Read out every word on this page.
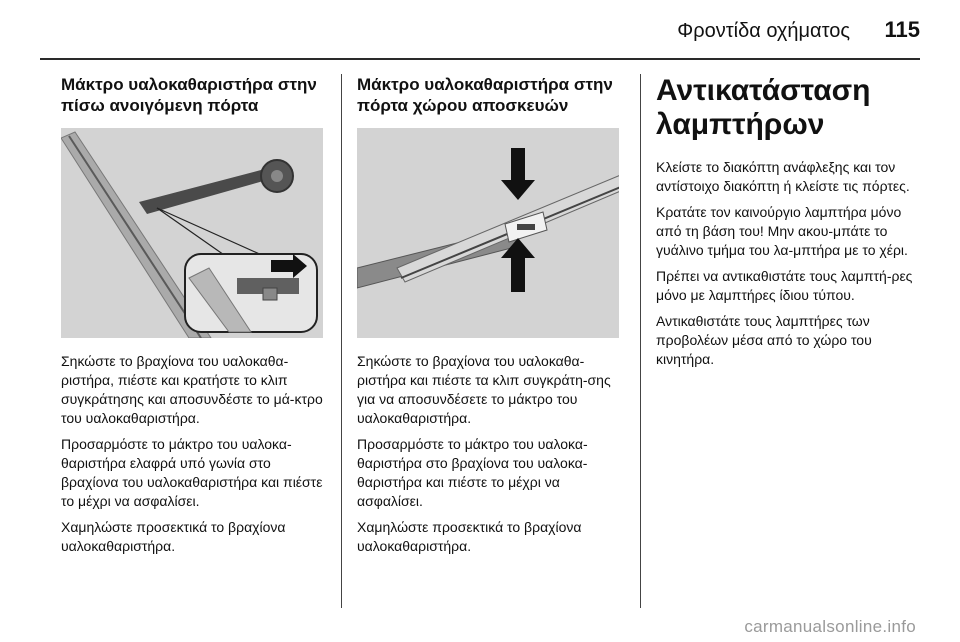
Φροντίδα οχήματος 115
Μάκτρο υαλοκαθαριστήρα στην
πίσω ανοιγόμενη πόρτα

Σηκώστε το βραχίονα του υαλοκαθα-ριστήρα, πιέστε και κρατήστε το κλιπ συγκράτησης και αποσυνδέστε το μά-κτρο του υαλοκαθαριστήρα.

Προσαρμόστε το μάκτρο του υαλοκα-θαριστήρα ελαφρά υπό γωνία στο βραχίονα του υαλοκαθαριστήρα και πιέστε το μέχρι να ασφαλίσει.

Χαμηλώστε προσεκτικά το βραχίονα υαλοκαθαριστήρα.

Μάκτρο υαλοκαθαριστήρα στην
πόρτα χώρου αποσκευών

Σηκώστε το βραχίονα του υαλοκαθα-ριστήρα και πιέστε τα κλιπ συγκράτη-σης για να αποσυνδέσετε το μάκτρο του υαλοκαθαριστήρα.

Προσαρμόστε το μάκτρο του υαλοκα-θαριστήρα στο βραχίονα του υαλοκα-θαριστήρα και πιέστε το μέχρι να ασφαλίσει.

Χαμηλώστε προσεκτικά το βραχίονα υαλοκαθαριστήρα.

Αντικατάσταση
λαμπτήρων

Κλείστε το διακόπτη ανάφλεξης και τον αντίστοιχο διακόπτη ή κλείστε τις πόρτες.

Κρατάτε τον καινούργιο λαμπτήρα μόνο από τη βάση του! Μην ακου-μπάτε το γυάλινο τμήμα του λα-μπτήρα με το χέρι.

Πρέπει να αντικαθιστάτε τους λαμπτή-ρες μόνο με λαμπτήρες ίδιου τύπου.

Αντικαθιστάτε τους λαμπτήρες των προβολέων μέσα από το χώρο του κινητήρα.

carmanualsonline.info
